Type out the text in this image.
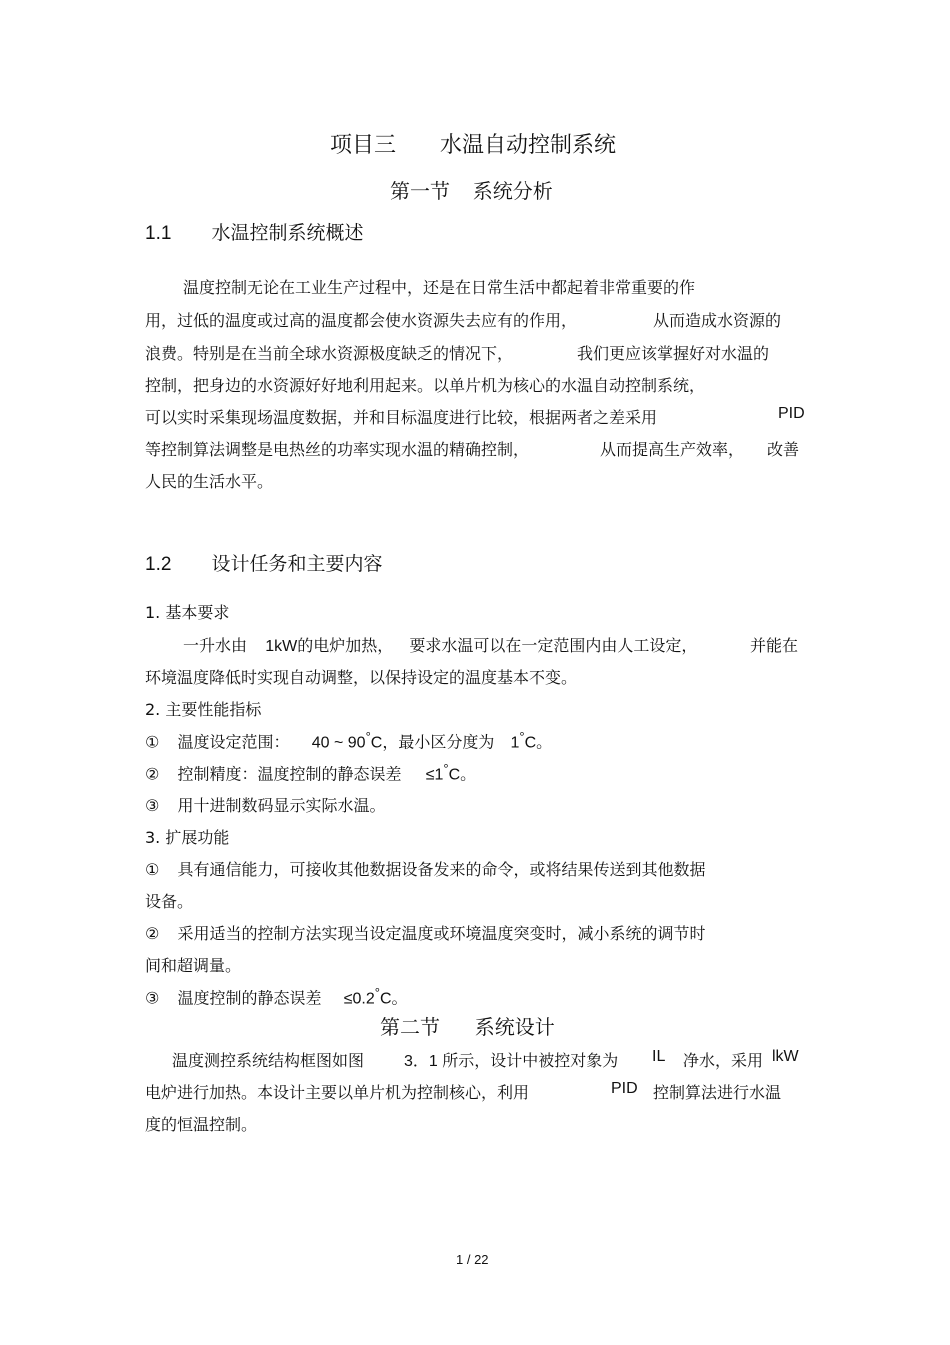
项目三 水温自动控制系统
第一节 系统分析
1.1 水温控制系统概述
温度控制无论在工业生产过程中，还是在日常生活中都起着非常重要的作
用，过低的温度或过高的温度都会使水资源失去应有的作用，	从而造成水资源的
浪费。特别是在当前全球水资源极度缺乏的情况下，	我们更应该掌握好对水温的
控制，把身边的水资源好好地利用起来。以单片机为核心的水温自动控制系统，
可以实时采集现场温度数据，并和目标温度进行比较，根据两者之差采用	PID
等控制算法调整是电热丝的功率实现水温的精确控制，	从而提高生产效率， 改善
人民的生活水平。
1.2 设计任务和主要内容
1. 基本要求
一升水由 1kW的电炉加热， 要求水温可以在一定范围内由人工设定，	并能在
环境温度降低时实现自动调整，以保持设定的温度基本不变。
2. 主要性能指标
① 温度设定范围： 40 ~ 90°C，最小区分度为 1°C。
② 控制精度：温度控制的静态误差 ≤1°C。
③ 用十进制数码显示实际水温。
3. 扩展功能
① 具有通信能力，可接收其他数据设备发来的命令，或将结果传送到其他数据
设备。
② 采用适当的控制方法实现当设定温度或环境温度突变时，减小系统的调节时
间和超调量。
③ 温度控制的静态误差 ≤0.2°C。
第二节 系统设计
温度测控系统结构框图如图 3．1 所示，设计中被控对象为 IL 净水，采用 lkW
电炉进行加热。本设计主要以单片机为控制核心，利用	PID 控制算法进行水温
度的恒温控制。
1 / 22
